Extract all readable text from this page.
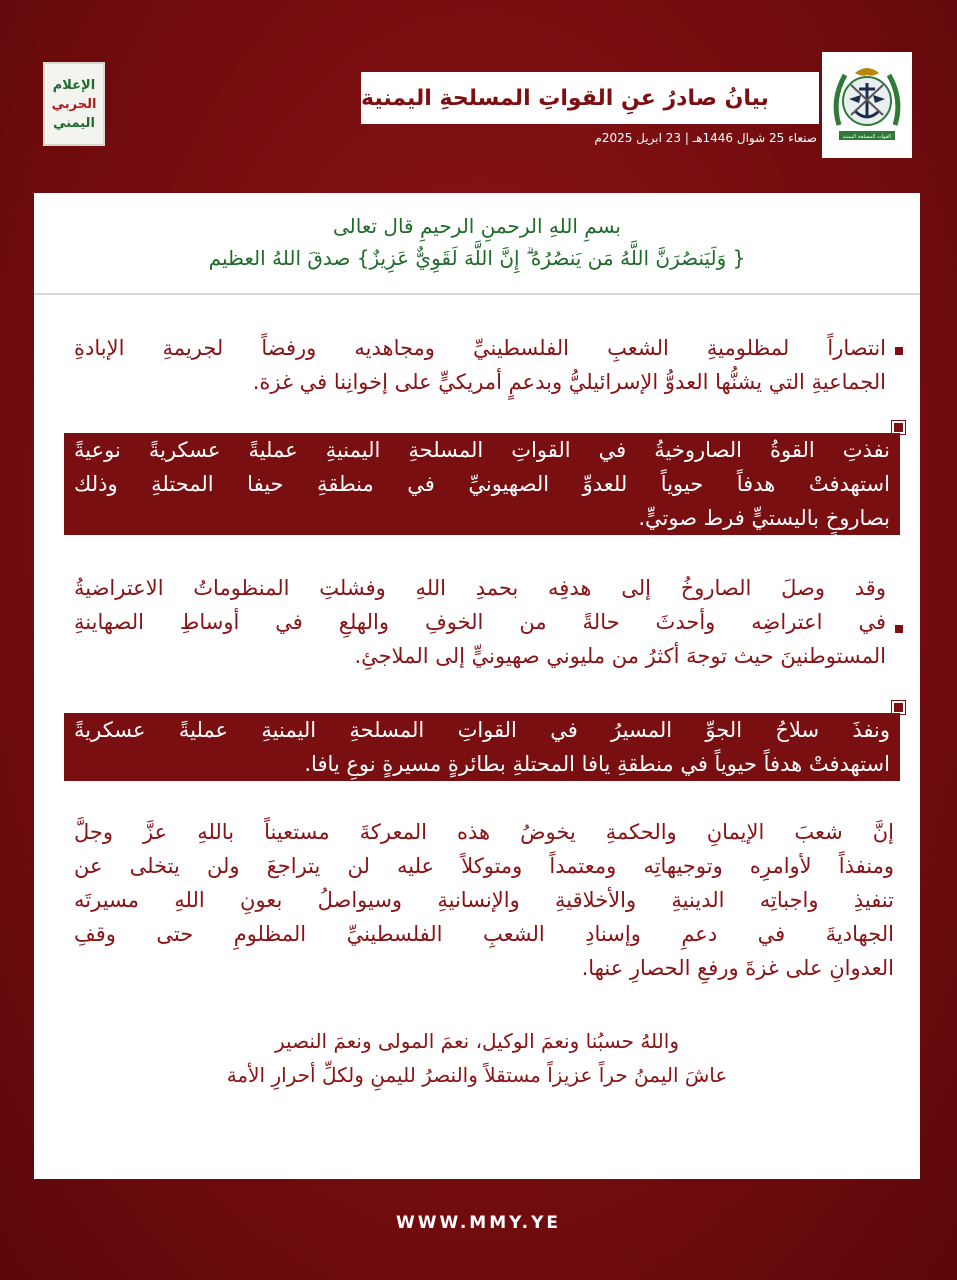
الإعلام
الحربي
اليمني
بيانُ صادرُ عنِ القواتِ المسلحةِ اليمنية
صنعاء 25 شوال 1446هـ | 23 ابريل 2025م	القوات المسلحة اليمنية
بسمِ اللهِ الرحمنِ الرحيمِ قال تعالى
{ وَلَيَنصُرَنَّ اللَّهُ مَن يَنصُرُهُ ۗ إِنَّ اللَّهَ لَقَوِيٌّ عَزِيزٌ} صدقَ اللهُ العظيم
انتصاراً لمظلوميةِ الشعبِ الفلسطينيِّ ومجاهديه ورفضاً لجريمةِ الإبادةِ
الجماعيةِ التي يشنُّها العدوُّ الإسرائيليُّ وبدعمٍ أمريكيٍّ على إخوانِنا في غزة.
نفذتِ القوةُ الصاروخيةُ في القواتِ المسلحةِ اليمنيةِ عمليةً عسكريةً نوعيةً
استهدفتْ هدفاً حيوياً للعدوِّ الصهيونيِّ في منطقةِ حيفا المحتلةِ وذلك
بصاروخٍ باليستيٍّ فرط صوتيٍّ.
وقد وصلَ الصاروخُ إلى هدفِه بحمدِ اللهِ وفشلتِ المنظوماتُ الاعتراضيةُ
في اعتراضِه وأحدثَ حالةً من الخوفِ والهلعِ في أوساطِ الصهاينةِ
المستوطنينَ حيث توجهَ أكثرُ من مليوني صهيونيٍّ إلى الملاجئِ.
ونفذَ سلاحُ الجوِّ المسيرُ في القواتِ المسلحةِ اليمنيةِ عمليةً عسكريةً
استهدفتْ هدفاً حيوياً في منطقةِ يافا المحتلةِ بطائرةٍ مسيرةٍ نوعِ يافا.
إنَّ شعبَ الإيمانِ والحكمةِ يخوضُ هذه المعركةَ مستعيناً باللهِ عزَّ وجلَّ
ومنفذاً لأوامرِه وتوجيهاتِه ومعتمداً ومتوكلاً عليه لن يتراجعَ ولن يتخلى عن
تنفيذِ واجباتِه الدينيةِ والأخلاقيةِ والإنسانيةِ وسيواصلُ بعونِ اللهِ مسيرتَه
الجهاديةَ في دعمِ وإسنادِ الشعبِ الفلسطينيِّ المظلومِ حتى وقفِ
العدوانِ على غزةَ ورفعِ الحصارِ عنها.
واللهُ حسبُنا ونعمَ الوكيل، نعمَ المولى ونعمَ النصير
عاشَ اليمنُ حراً عزيزاً مستقلاً والنصرُ لليمنِ ولكلِّ أحرارِ الأمة
WWW.MMY.YE
